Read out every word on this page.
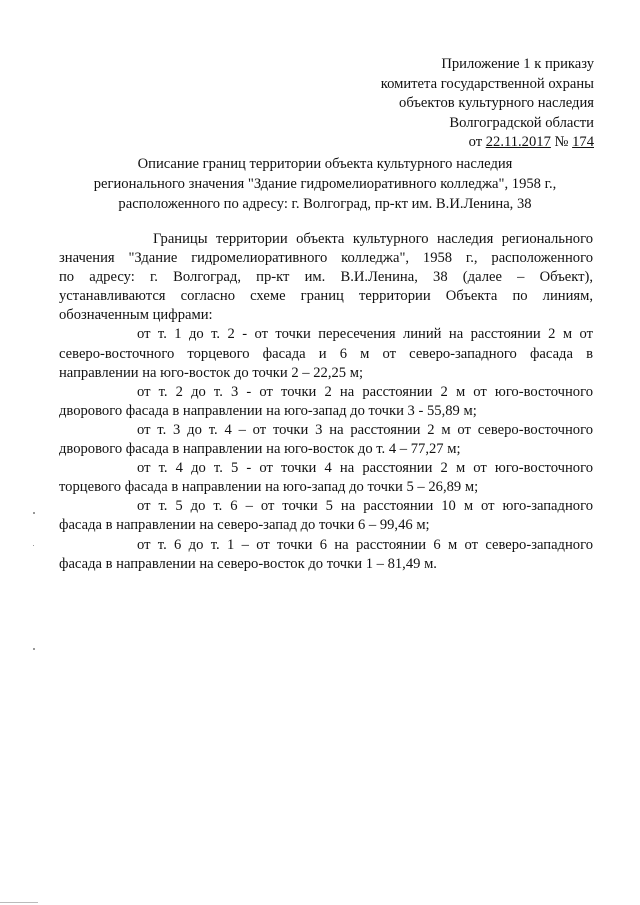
Приложение 1 к приказу
комитета государственной охраны
объектов культурного наследия
Волгоградской области
от 22.11.2017 № 174
Описание границ территории объекта культурного наследия
регионального значения "Здание гидромелиоративного колледжа", 1958 г.,
расположенного по адресу: г. Волгоград, пр-кт им. В.И.Ленина, 38
Границы территории объекта культурного наследия регионального
значения "Здание гидромелиоративного колледжа", 1958 г., расположенного
по адресу: г. Волгоград, пр-кт им. В.И.Ленина, 38 (далее – Объект),
устанавливаются согласно схеме границ территории Объекта по линиям,
обозначенным цифрами:
от т. 1 до т. 2 - от точки пересечения линий на расстоянии 2 м от
северо-восточного торцевого фасада и 6 м от северо-западного фасада в
направлении на юго-восток до точки 2 – 22,25 м;
от т. 2 до т. 3 - от точки 2 на расстоянии 2 м от юго-восточного
дворового фасада в направлении на юго-запад до точки 3 - 55,89 м;
от т. 3 до т. 4 – от точки 3 на расстоянии 2 м от северо-восточного
дворового фасада в направлении на юго-восток до т. 4 – 77,27 м;
от т. 4 до т. 5 - от точки 4 на расстоянии 2 м от юго-восточного
торцевого фасада в направлении на юго-запад до точки 5 – 26,89 м;
от т. 5 до т. 6 – от точки 5 на расстоянии 10 м от юго-западного
фасада в направлении на северо-запад до точки 6 – 99,46 м;
от т. 6 до т. 1 – от точки 6 на расстоянии 6 м от северо-западного
фасада в направлении на северо-восток до точки 1 – 81,49 м.
